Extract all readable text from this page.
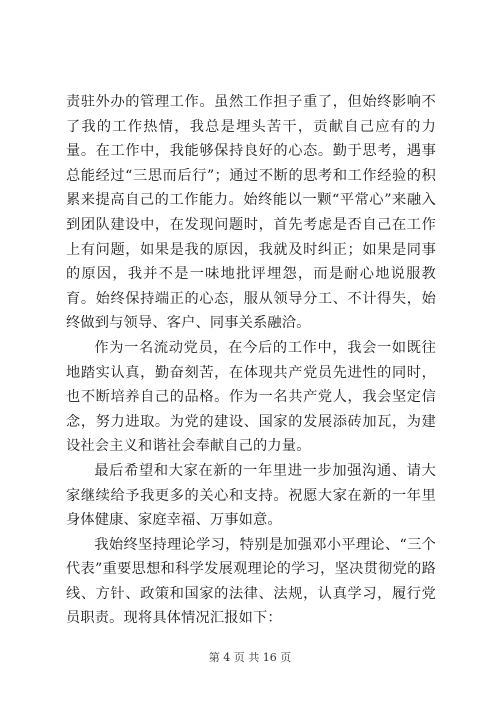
责驻外办的管理工作。虽然工作担子重了，但始终影响不了我的工作热情，我总是埋头苦干，贡献自己应有的力量。在工作中，我能够保持良好的心态。勤于思考，遇事总能经过“三思而后行”；通过不断的思考和工作经验的积累来提高自己的工作能力。始终能以一颗“平常心”来融入到团队建设中，在发现问题时，首先考虑是否自己在工作上有问题，如果是我的原因，我就及时纠正；如果是同事的原因，我并不是一味地批评埋怨，而是耐心地说服教育。始终保持端正的心态，服从领导分工、不计得失，始终做到与领导、客户、同事关系融洽。

作为一名流动党员，在今后的工作中，我会一如既往地踏实认真，勤奋刻苦，在体现共产党员先进性的同时，也不断培养自己的品格。作为一名共产党人，我会坚定信念，努力进取。为党的建设、国家的发展添砖加瓦，为建设社会主义和谐社会奉献自己的力量。

最后希望和大家在新的一年里进一步加强沟通、请大家继续给予我更多的关心和支持。祝愿大家在新的一年里身体健康、家庭幸福、万事如意。

我始终坚持理论学习，特别是加强邓小平理论、“三个代表”重要思想和科学发展观理论的学习，坚决贯彻党的路线、方针、政策和国家的法律、法规，认真学习，履行党员职责。现将具体情况汇报如下：

第 4 页 共 16 页
